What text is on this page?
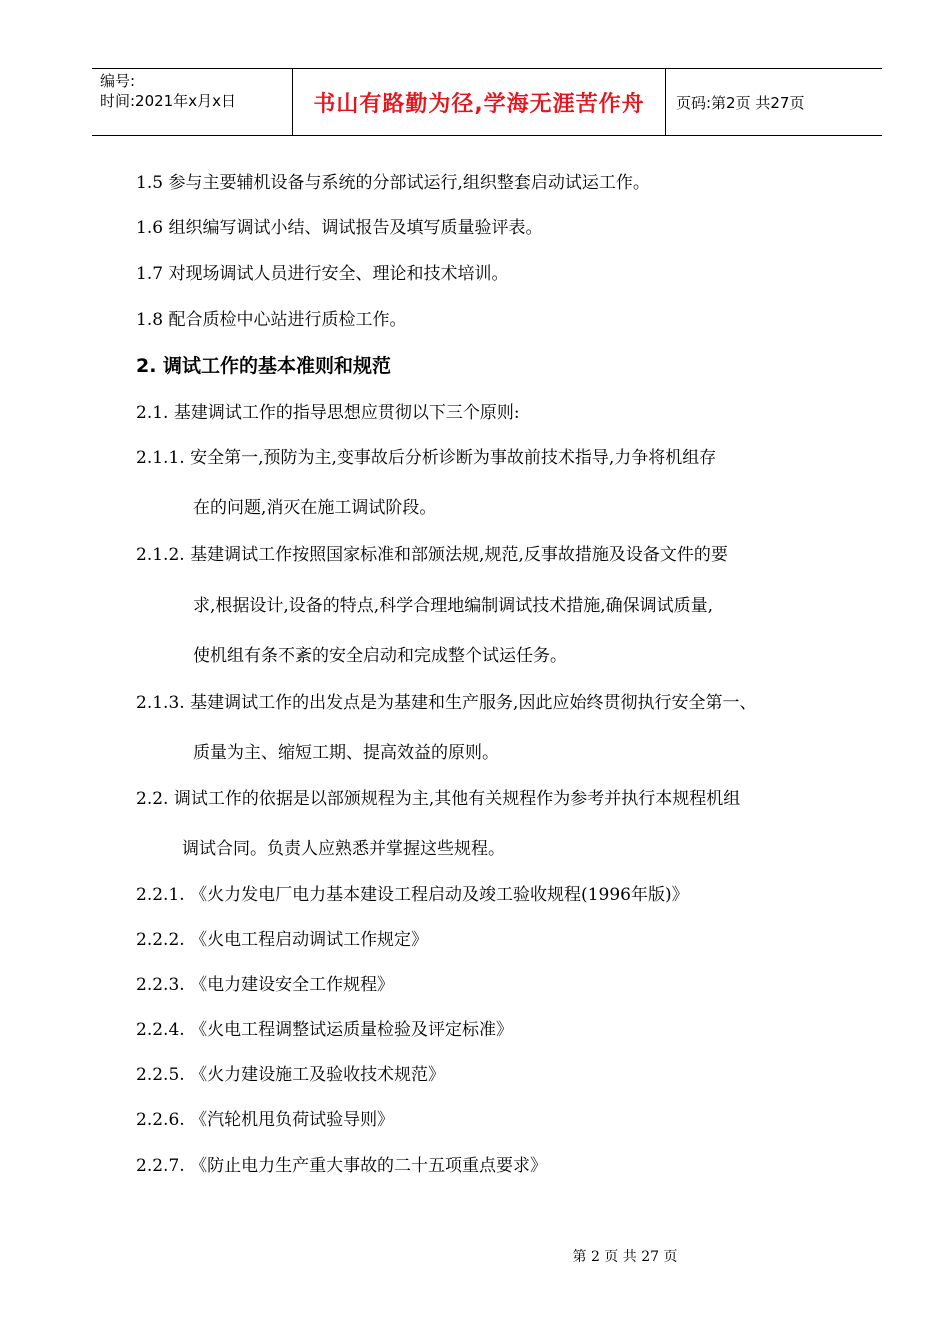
编号:
时间:2021年x月x日	书山有路勤为径,学海无涯苦作舟 页码:第2页 共27页
1.5 参与主要辅机设备与系统的分部试运行,组织整套启动试运工作。
1.6 组织编写调试小结、调试报告及填写质量验评表。
1.7 对现场调试人员进行安全、理论和技术培训。
1.8 配合质检中心站进行质检工作。
2. 调试工作的基本准则和规范
2.1. 基建调试工作的指导思想应贯彻以下三个原则:
2.1.1. 安全第一,预防为主,变事故后分析诊断为事故前技术指导,力争将机组存
在的问题,消灭在施工调试阶段。
2.1.2. 基建调试工作按照国家标准和部颁法规,规范,反事故措施及设备文件的要
求,根据设计,设备的特点,科学合理地编制调试技术措施,确保调试质量,
使机组有条不紊的安全启动和完成整个试运任务。
2.1.3. 基建调试工作的出发点是为基建和生产服务,因此应始终贯彻执行安全第一、
质量为主、缩短工期、提高效益的原则。
2.2. 调试工作的依据是以部颁规程为主,其他有关规程作为参考并执行本规程机组
调试合同。负责人应熟悉并掌握这些规程。
2.2.1. 《火力发电厂电力基本建设工程启动及竣工验收规程(1996年版)》
2.2.2. 《火电工程启动调试工作规定》
2.2.3. 《电力建设安全工作规程》
2.2.4. 《火电工程调整试运质量检验及评定标准》
2.2.5. 《火力建设施工及验收技术规范》
2.2.6. 《汽轮机甩负荷试验导则》
2.2.7. 《防止电力生产重大事故的二十五项重点要求》
第 2 页 共 27 页
